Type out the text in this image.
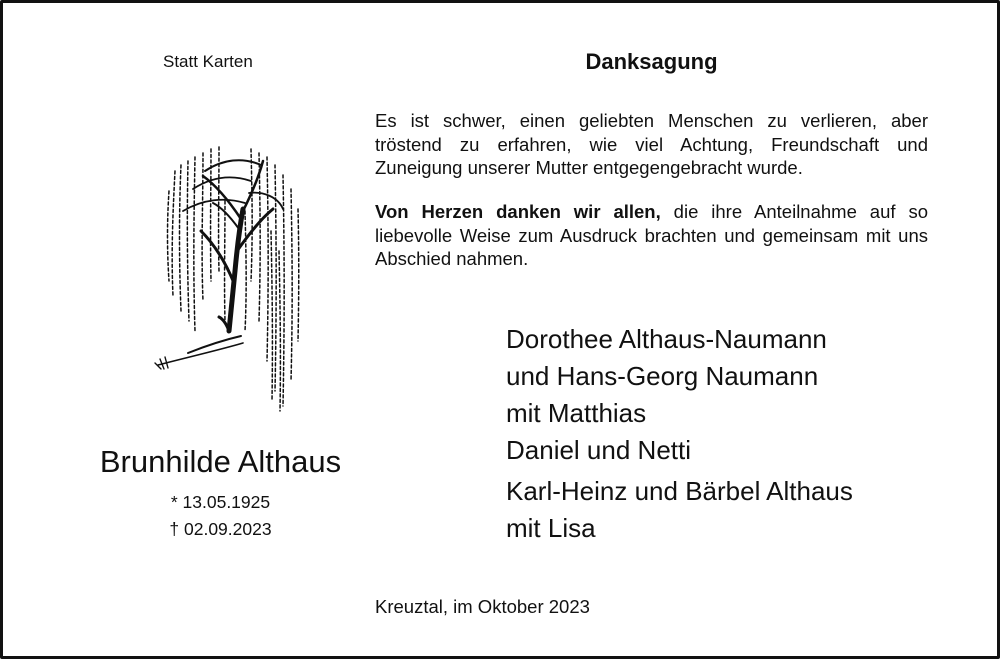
Statt Karten	Danksagung
Es ist schwer, einen geliebten Menschen zu verlieren, aber tröstend zu erfahren, wie viel Achtung, Freundschaft und Zuneigung unserer Mutter entgegengebracht wurde.
Von Herzen danken wir allen, die ihre Anteilnahme auf so liebevolle Weise zum Ausdruck brachten und gemeinsam mit uns Abschied nahmen.
Brunhilde Althaus
* 13.05.1925
† 02.09.2023
Dorothee Althaus-Naumann
und Hans-Georg Naumann
mit Matthias
Daniel und Netti
Karl-Heinz und Bärbel Althaus
mit Lisa
Kreuztal, im Oktober 2023
